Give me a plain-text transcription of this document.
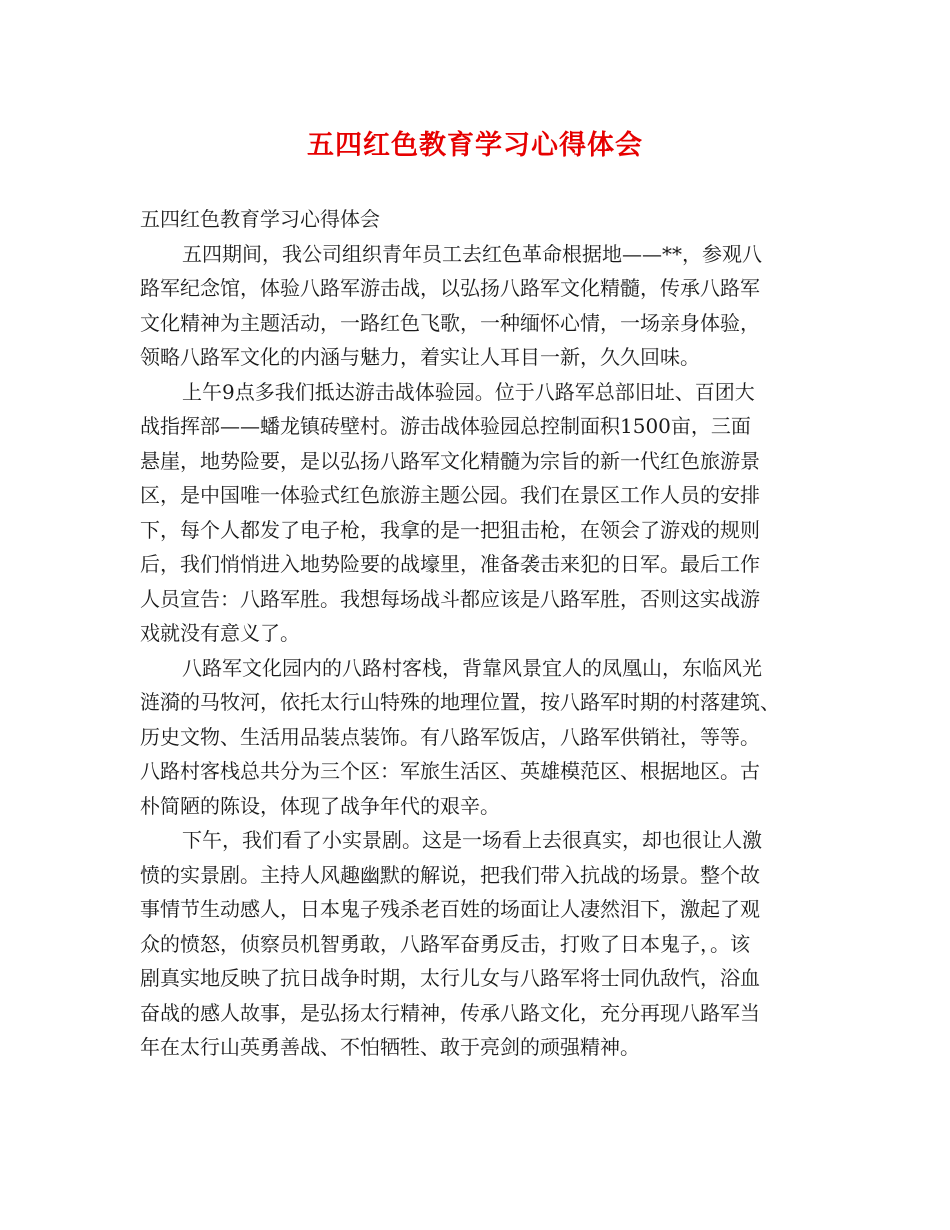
五四红色教育学习心得体会
五四红色教育学习心得体会
五四期间，我公司组织青年员工去红色革命根据地——**，参观八
路军纪念馆，体验八路军游击战，以弘扬八路军文化精髓，传承八路军
文化精神为主题活动，一路红色飞歌，一种缅怀心情，一场亲身体验，
领略八路军文化的内涵与魅力，着实让人耳目一新，久久回味。
上午9点多我们抵达游击战体验园。位于八路军总部旧址、百团大
战指挥部——蟠龙镇砖壁村。游击战体验园总控制面积1500亩，三面
悬崖，地势险要，是以弘扬八路军文化精髓为宗旨的新一代红色旅游景
区，是中国唯一体验式红色旅游主题公园。我们在景区工作人员的安排
下，每个人都发了电子枪，我拿的是一把狙击枪，在领会了游戏的规则
后，我们悄悄进入地势险要的战壕里，准备袭击来犯的日军。最后工作
人员宣告：八路军胜。我想每场战斗都应该是八路军胜，否则这实战游
戏就没有意义了。
八路军文化园内的八路村客栈，背靠风景宜人的凤凰山，东临风光
涟漪的马牧河，依托太行山特殊的地理位置，按八路军时期的村落建筑、
历史文物、生活用品装点装饰。有八路军饭店，八路军供销社，等等。
八路村客栈总共分为三个区：军旅生活区、英雄模范区、根据地区。古
朴简陋的陈设，体现了战争年代的艰辛。
下午，我们看了小实景剧。这是一场看上去很真实，却也很让人激
愤的实景剧。主持人风趣幽默的解说，把我们带入抗战的场景。整个故
事情节生动感人，日本鬼子残杀老百姓的场面让人凄然泪下，激起了观
众的愤怒，侦察员机智勇敢，八路军奋勇反击，打败了日本鬼子，。该
剧真实地反映了抗日战争时期，太行儿女与八路军将士同仇敌忾，浴血
奋战的感人故事，是弘扬太行精神，传承八路文化，充分再现八路军当
年在太行山英勇善战、不怕牺牲、敢于亮剑的顽强精神。
